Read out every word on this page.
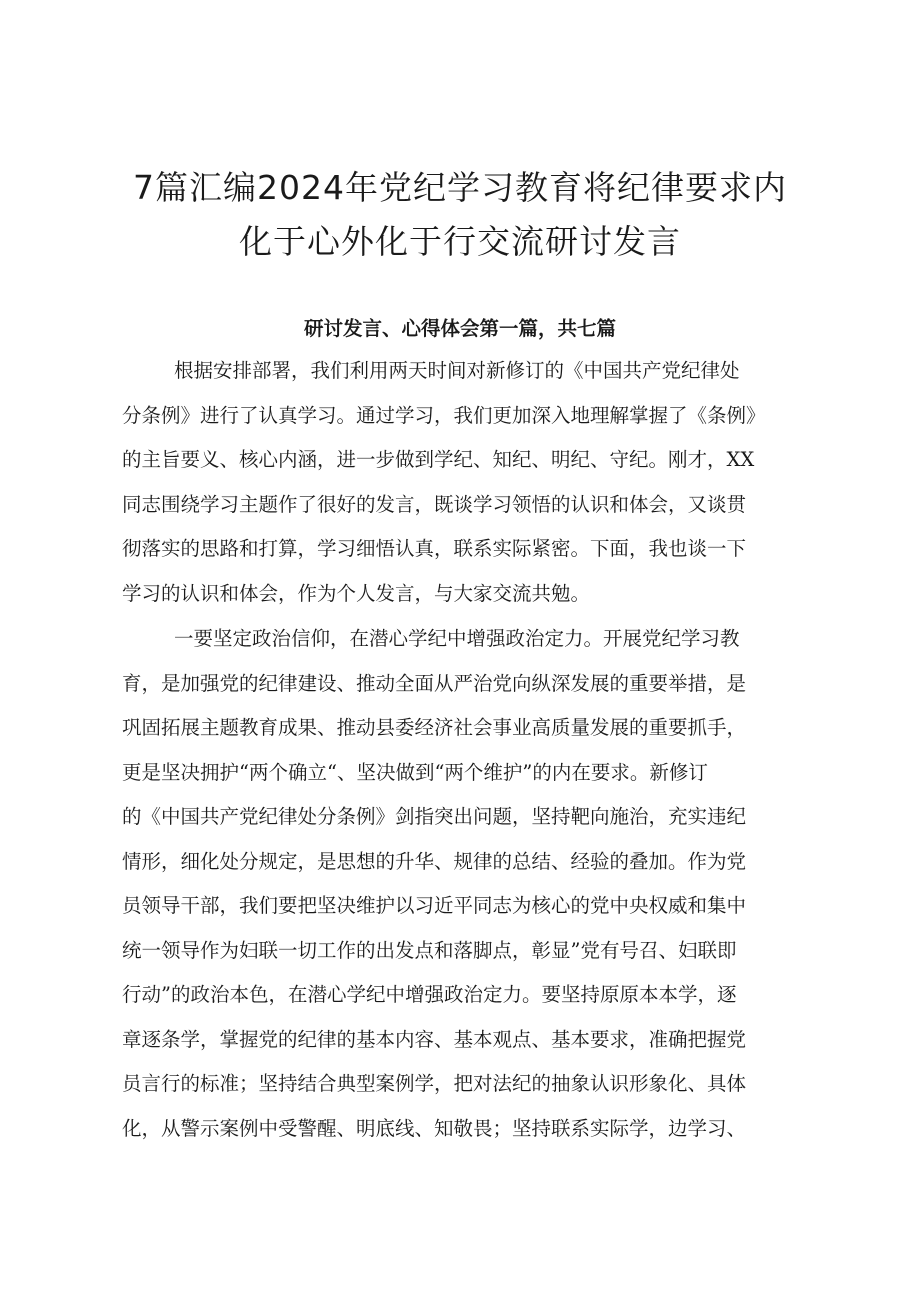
7篇汇编2024年党纪学习教育将纪律要求内
化于心外化于行交流研讨发言
研讨发言、心得体会第一篇，共七篇
根据安排部署，我们利用两天时间对新修订的《中国共产党纪律处
分条例》进行了认真学习。通过学习，我们更加深入地理解掌握了《条例》
的主旨要义、核心内涵，进一步做到学纪、知纪、明纪、守纪。刚才，XX
同志围绕学习主题作了很好的发言，既谈学习领悟的认识和体会，又谈贯
彻落实的思路和打算，学习细悟认真，联系实际紧密。下面，我也谈一下
学习的认识和体会，作为个人发言，与大家交流共勉。
一要坚定政治信仰，在潜心学纪中增强政治定力。开展党纪学习教
育，是加强党的纪律建设、推动全面从严治党向纵深发展的重要举措，是
巩固拓展主题教育成果、推动县委经济社会事业高质量发展的重要抓手，
更是坚决拥护“两个确立“、坚决做到“两个维护”的内在要求。新修订
的《中国共产党纪律处分条例》剑指突出问题，坚持靶向施治，充实违纪
情形，细化处分规定，是思想的升华、规律的总结、经验的叠加。作为党
员领导干部，我们要把坚决维护以习近平同志为核心的党中央权威和集中
统一领导作为妇联一切工作的出发点和落脚点，彰显”党有号召、妇联即
行动”的政治本色，在潜心学纪中增强政治定力。要坚持原原本本学，逐
章逐条学，掌握党的纪律的基本内容、基本观点、基本要求，准确把握党
员言行的标准；坚持结合典型案例学，把对法纪的抽象认识形象化、具体
化，从警示案例中受警醒、明底线、知敬畏；坚持联系实际学，边学习、
